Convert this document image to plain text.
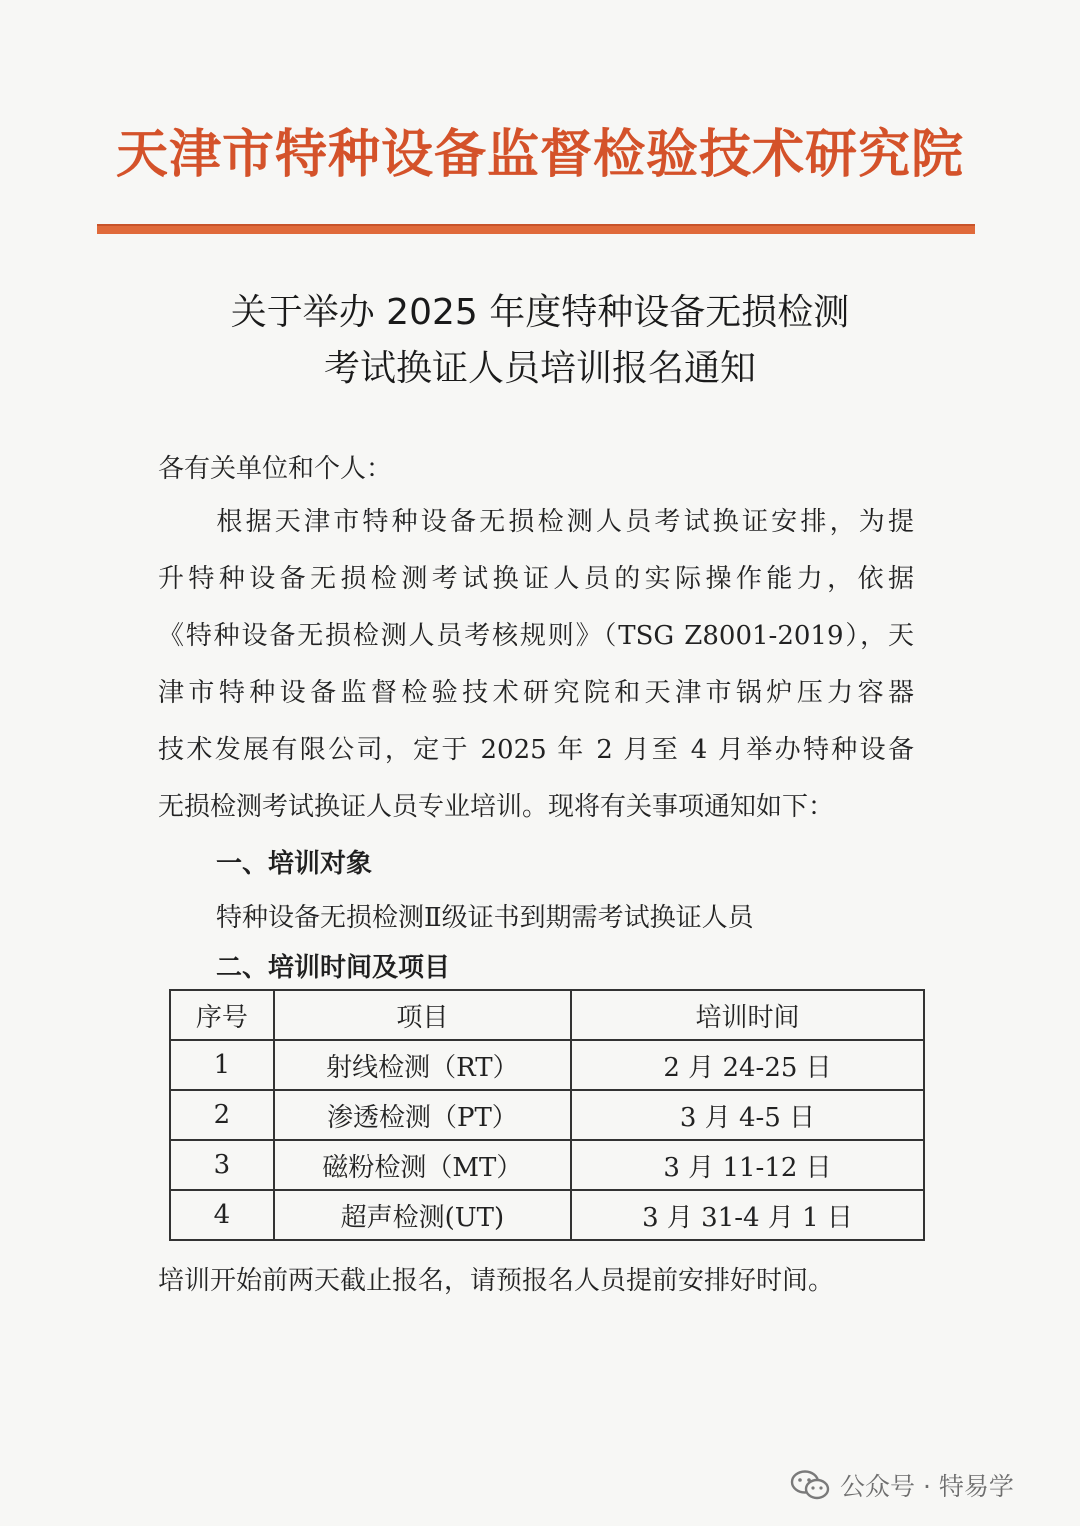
天津市特种设备监督检验技术研究院
关于举办 2025 年度特种设备无损检测
考试换证人员培训报名通知
各有关单位和个人：
　　根据天津市特种设备无损检测人员考试换证安排，为提
升特种设备无损检测考试换证人员的实际操作能力，依据
《特种设备无损检测人员考核规则》（TSG Z8001-2019），天
津市特种设备监督检验技术研究院和天津市锅炉压力容器
技术发展有限公司，定于 2025 年 2 月至 4 月举办特种设备
无损检测考试换证人员专业培训。现将有关事项通知如下：
一、培训对象
特种设备无损检测Ⅱ级证书到期需考试换证人员
二、培训时间及项目
序号	项目	培训时间
1	射线检测（RT）	2 月 24-25 日
2	渗透检测（PT）	3 月 4-5 日
3	磁粉检测（MT）	3 月 11-12 日
4	超声检测(UT)	3 月 31-4 月 1 日
培训开始前两天截止报名，请预报名人员提前安排好时间。
公众号 · 特易学
